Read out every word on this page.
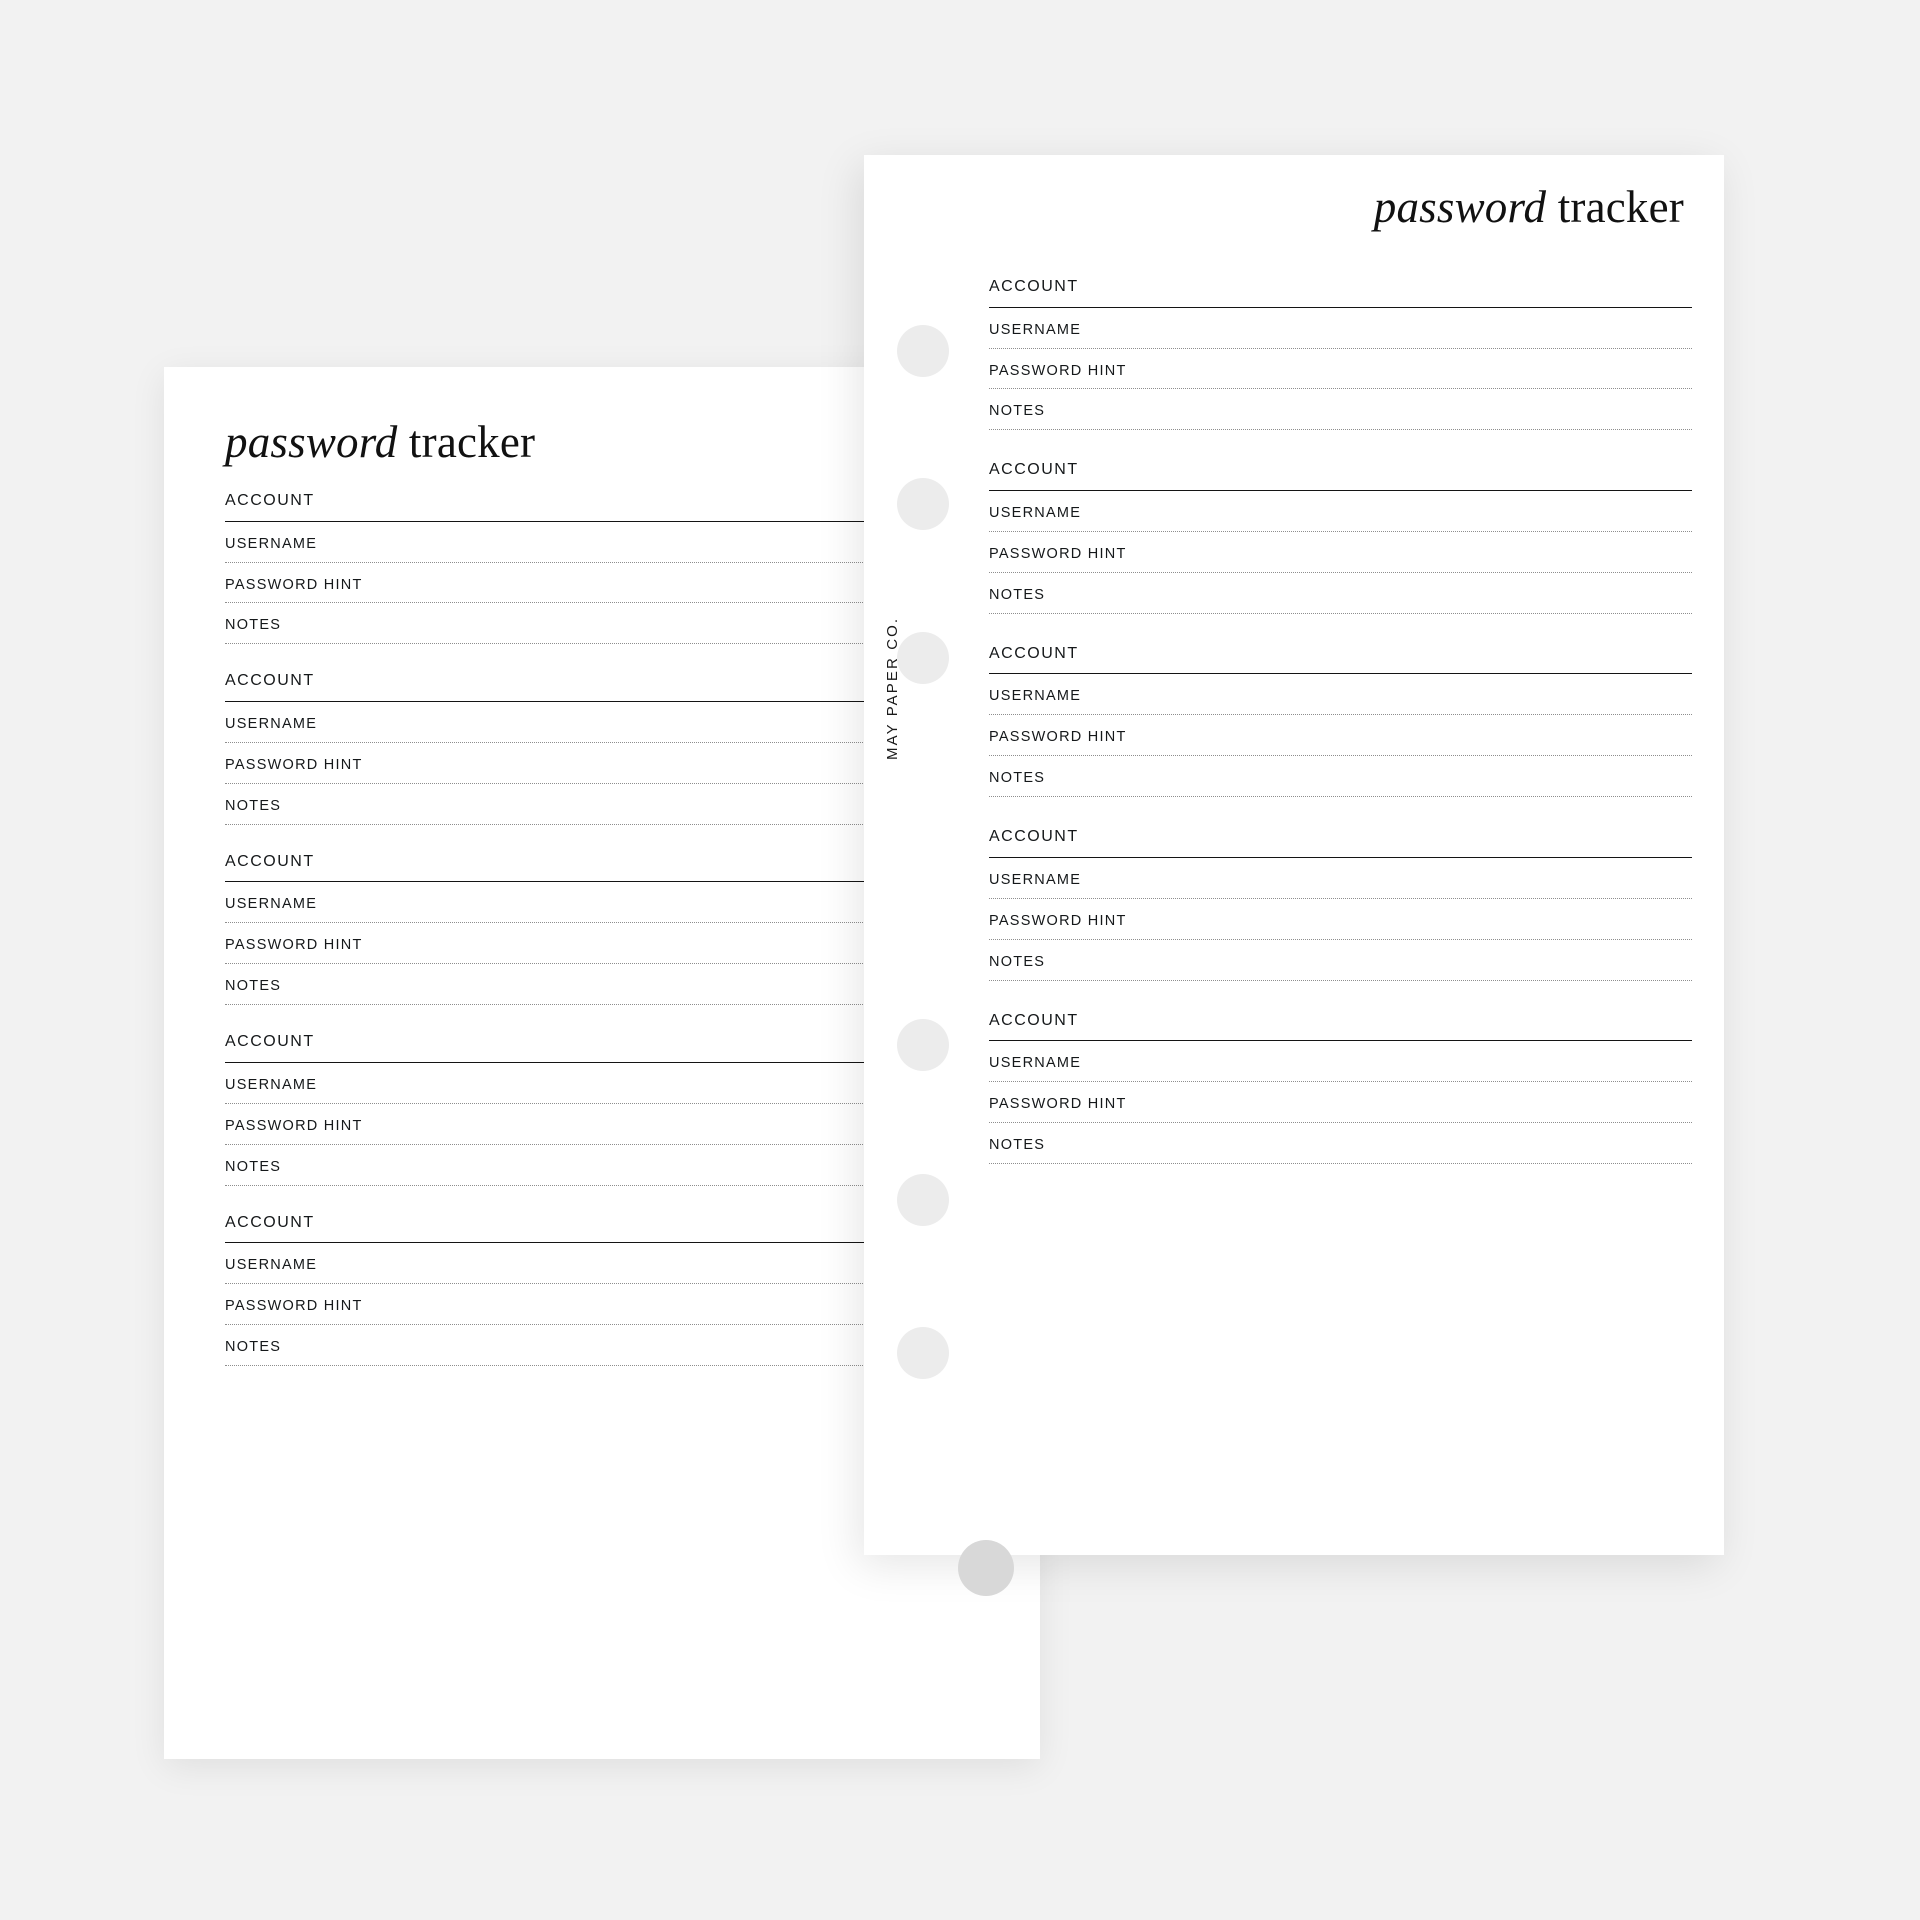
password tracker
ACCOUNT
USERNAME
PASSWORD HINT
NOTES
ACCOUNT
USERNAME
PASSWORD HINT
NOTES
ACCOUNT
USERNAME
PASSWORD HINT
NOTES
ACCOUNT
USERNAME
PASSWORD HINT
NOTES
ACCOUNT
USERNAME
PASSWORD HINT
NOTES
password tracker
ACCOUNT
USERNAME
PASSWORD HINT
NOTES
ACCOUNT
USERNAME
PASSWORD HINT
NOTES
ACCOUNT
USERNAME
PASSWORD HINT
NOTES
ACCOUNT
USERNAME
PASSWORD HINT
NOTES
ACCOUNT
USERNAME
PASSWORD HINT
NOTES
MAY PAPER CO.
